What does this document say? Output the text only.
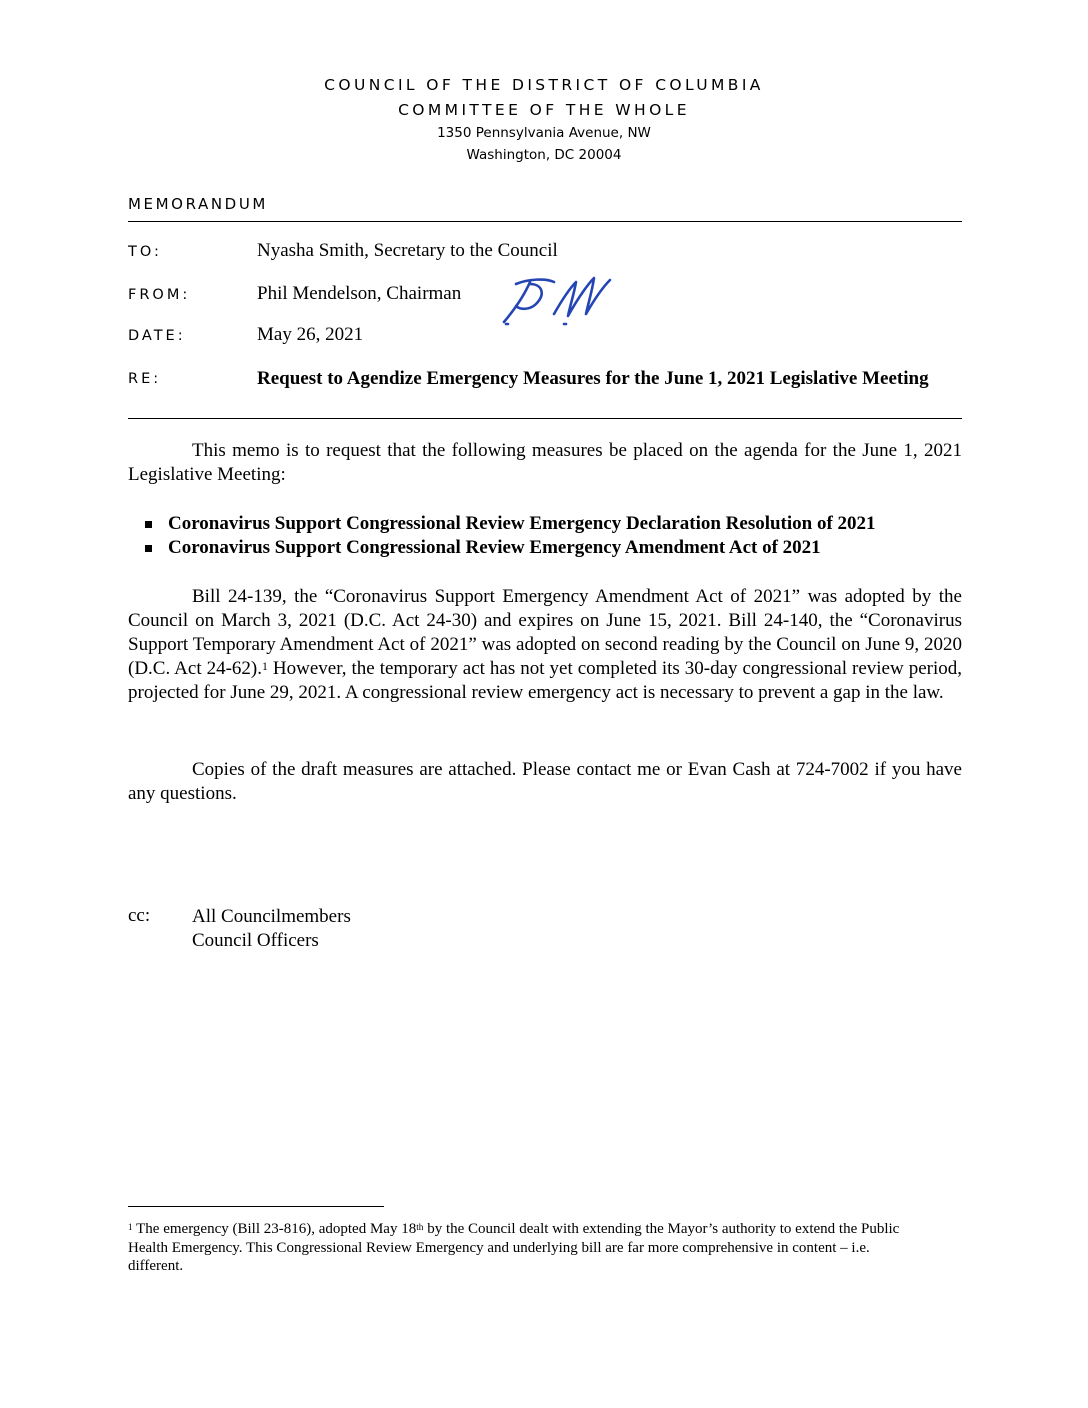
COUNCIL OF THE DISTRICT OF COLUMBIA
COMMITTEE OF THE WHOLE
1350 Pennsylvania Avenue, NW
Washington, DC 20004
MEMORANDUM
TO:	Nyasha Smith, Secretary to the Council
FROM:	Phil Mendelson, Chairman
DATE:	May 26, 2021
RE:	Request to Agendize Emergency Measures for the June 1, 2021 Legislative Meeting

This memo is to request that the following measures be placed on the agenda for the June 1, 2021 Legislative Meeting:

Coronavirus Support Congressional Review Emergency Declaration Resolution of 2021
Coronavirus Support Congressional Review Emergency Amendment Act of 2021

Bill 24-139, the “Coronavirus Support Emergency Amendment Act of 2021” was adopted by the Council on March 3, 2021 (D.C. Act 24-30) and expires on June 15, 2021. Bill 24-140, the “Coronavirus Support Temporary Amendment Act of 2021” was adopted on second reading by the Council on June 9, 2020 (D.C. Act 24-62).$^1$ However, the temporary act has not yet completed its 30-day congressional review period, projected for June 29, 2021. A congressional review emergency act is necessary to prevent a gap in the law.

Copies of the draft measures are attached. Please contact me or Evan Cash at 724-7002 if you have any questions.

cc: All Councilmembers
Council Officers

$^1$ The emergency (Bill 23-816), adopted May 18th by the Council dealt with extending the Mayor’s authority to extend the Public Health Emergency. This Congressional Review Emergency and underlying bill are far more comprehensive in content – i.e. different.
